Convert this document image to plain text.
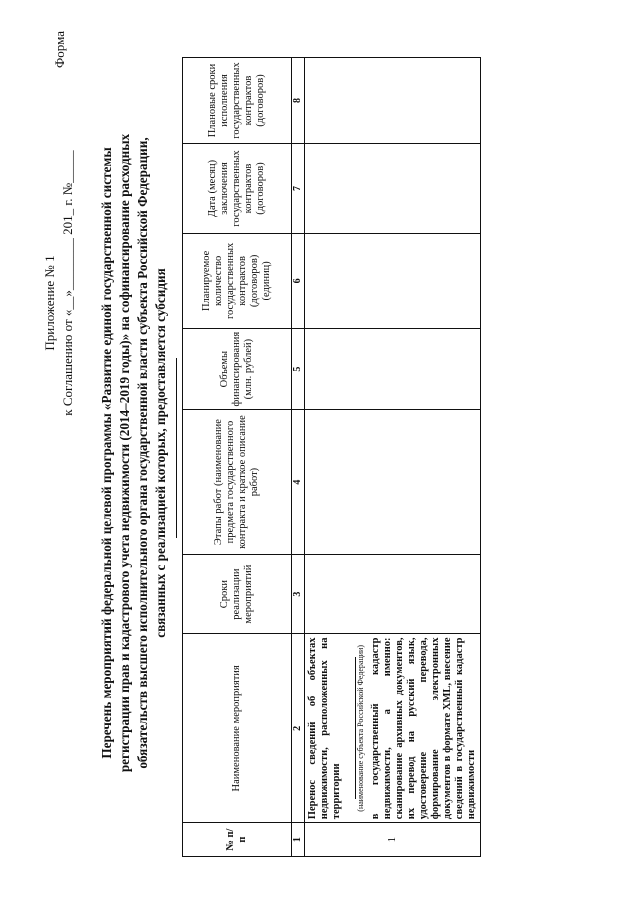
Приложение № 1 к Соглашению от «__»________ 201_ г. №_____
Форма
Перечень мероприятий федеральной целевой программы «Развитие единой государственной системы регистрации прав и кадастрового учета недвижимости (2014–2019 годы)» на софинансирование расходных обязательств высшего исполнительного органа государственной власти субъекта Российской Федерации, связанных с реализацией которых, предоставляется субсидия
№ п/п	Наименование мероприятия	Сроки реализации мероприятий	Этапы работ (наименование предмета государственного контракта и краткое описание работ)	Объемы финансирования (млн. рублей)	Планируемое количество государственных контрактов (договоров) (единиц)	Дата (месяц) заключения государственных контрактов (договоров)	Плановые сроки исполнения государственных контрактов (договоров)
1	2	3	4	5	6	7	8
1	Перенос сведений об объектах недвижимости, расположенных на территории (наименование субъекта Российской Федерации) в государственный кадастр недвижимости, а именно: сканирование архивных документов, их перевод на русский язык, удостоверение перевода, формирование электронных документов в формате XML, внесение сведений в государственный кадастр недвижимости						
